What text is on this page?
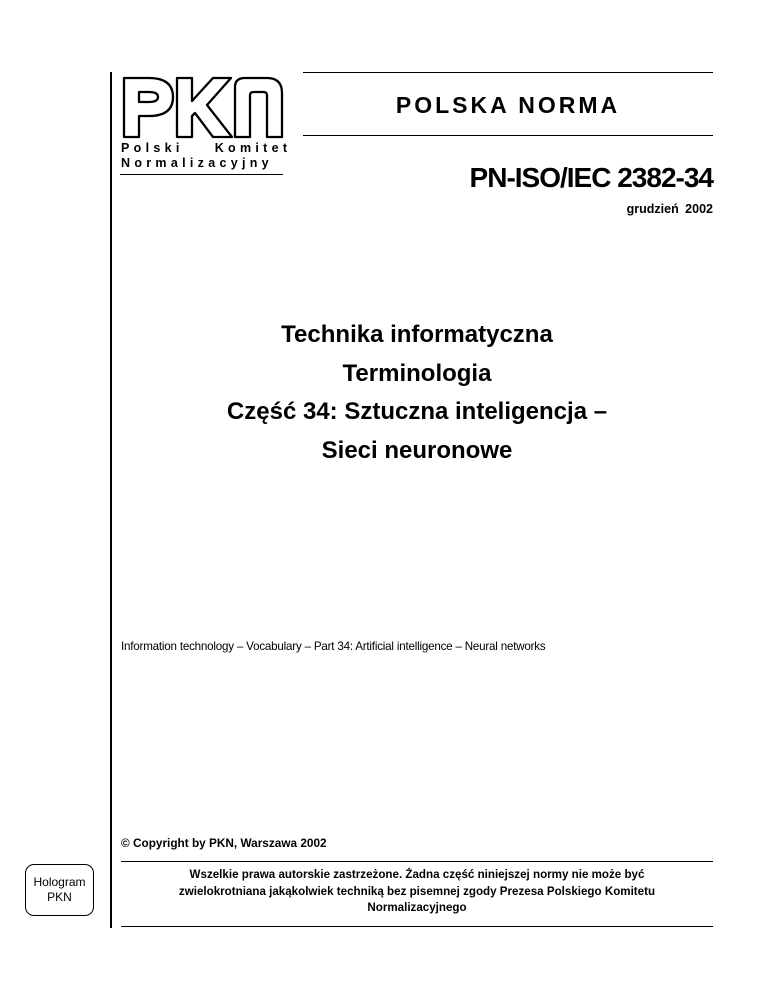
Polski    Komitet
Normalizacyjny
POLSKA NORMA
PN-ISO/IEC 2382-34
grudzień 2002
Technika informatyczna
Terminologia
Część 34: Sztuczna inteligencja –
Sieci neuronowe
Information technology – Vocabulary – Part 34: Artificial intelligence – Neural networks
© Copyright by PKN, Warszawa 2002
Hologram
PKN
Wszelkie prawa autorskie zastrzeżone. Żadna część niniejszej normy nie może być
zwielokrotniana jakąkolwiek techniką bez pisemnej zgody Prezesa Polskiego Komitetu
Normalizacyjnego
